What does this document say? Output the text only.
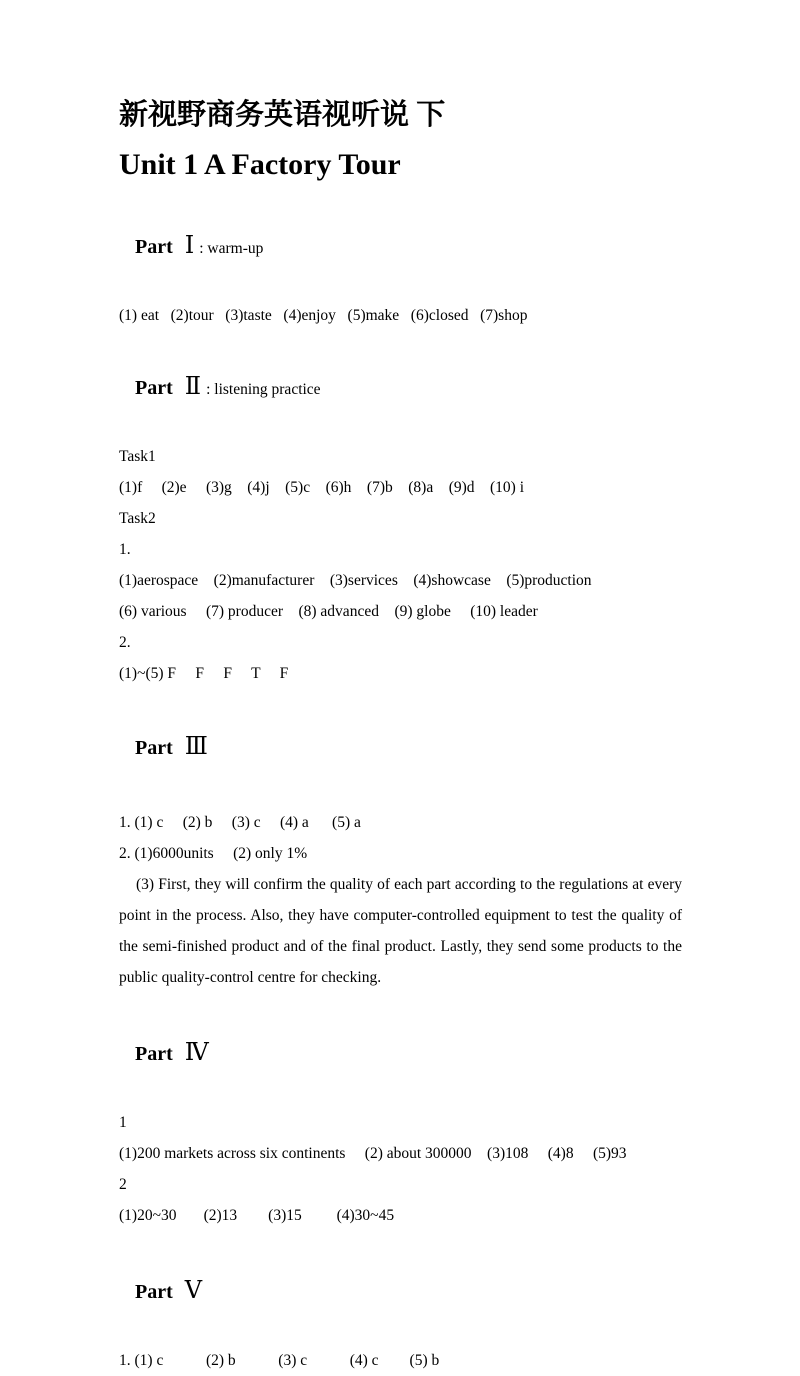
新视野商务英语视听说 下
Unit 1 A Factory Tour

Part Ⅰ : warm-up

(1) eat   (2)tour   (3)taste   (4)enjoy   (5)make   (6)closed   (7)shop

Part Ⅱ : listening practice

Task1

(1)f     (2)e     (3)g    (4)j    (5)c    (6)h    (7)b    (8)a    (9)d    (10) i

Task2

1.

(1)aerospace    (2)manufacturer    (3)services    (4)showcase    (5)production

(6) various     (7) producer    (8) advanced    (9) globe     (10) leader

2.

(1)~(5) F     F     F     T     F

Part Ⅲ

1. (1) c     (2) b     (3) c     (4) a      (5) a

2. (1)6000units     (2) only 1%

(3) First, they will confirm the quality of each part according to the regulations at every point in the process. Also, they have computer-controlled equipment to test the quality of the semi-finished product and of the final product. Lastly, they send some products to the public quality-control centre for checking.

Part Ⅳ

1

(1)200 markets across six continents     (2) about 300000    (3)108     (4)8     (5)93

2

(1)20~30       (2)13        (3)15         (4)30~45

Part Ⅴ

1. (1) c           (2) b           (3) c           (4) c        (5) b
